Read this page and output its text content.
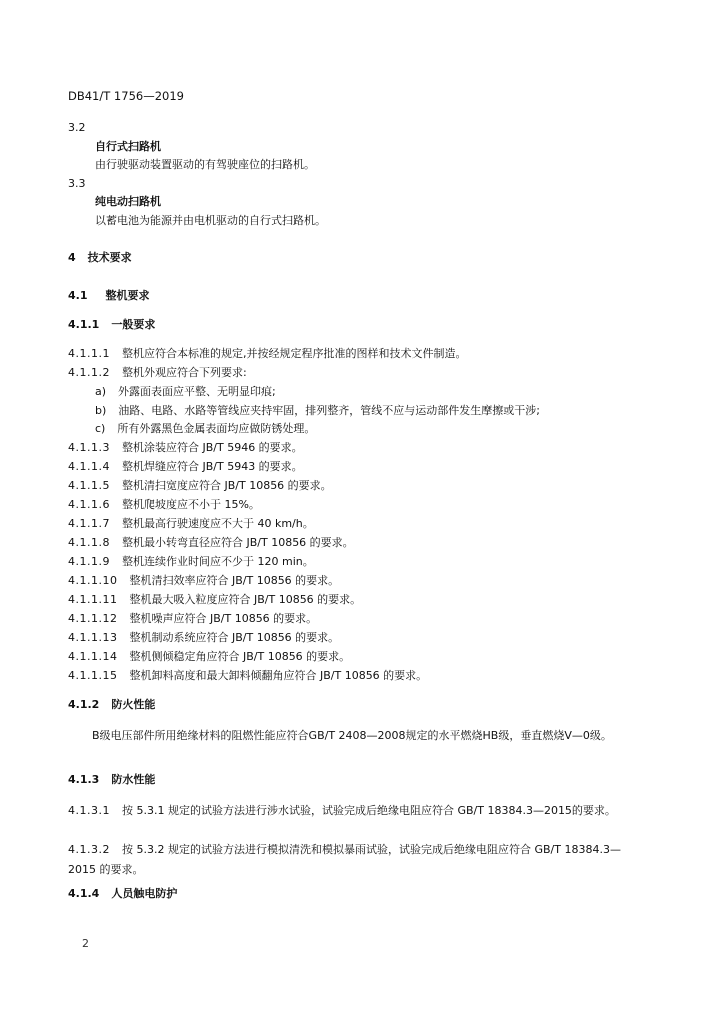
DB41/T 1756—2019
3.2
自行式扫路机
由行驶驱动装置驱动的有驾驶座位的扫路机。
3.3
纯电动扫路机
以蓄电池为能源并由电机驱动的自行式扫路机。
4 技术要求
4.1 整机要求
4.1.1 一般要求
4.1.1.1 整机应符合本标准的规定,并按经规定程序批准的图样和技术文件制造。
4.1.1.2 整机外观应符合下列要求:
a) 外露面表面应平整、无明显印痕;
b) 油路、电路、水路等管线应夹持牢固，排列整齐，管线不应与运动部件发生摩擦或干涉;
c) 所有外露黑色金属表面均应做防锈处理。
4.1.1.3 整机涂装应符合 JB/T 5946 的要求。
4.1.1.4 整机焊缝应符合 JB/T 5943 的要求。
4.1.1.5 整机清扫宽度应符合 JB/T 10856 的要求。
4.1.1.6 整机爬坡度应不小于 15%。
4.1.1.7 整机最高行驶速度应不大于 40 km/h。
4.1.1.8 整机最小转弯直径应符合 JB/T 10856 的要求。
4.1.1.9 整机连续作业时间应不少于 120 min。
4.1.1.10 整机清扫效率应符合 JB/T 10856 的要求。
4.1.1.11 整机最大吸入粒度应符合 JB/T 10856 的要求。
4.1.1.12 整机噪声应符合 JB/T 10856 的要求。
4.1.1.13 整机制动系统应符合 JB/T 10856 的要求。
4.1.1.14 整机侧倾稳定角应符合 JB/T 10856 的要求。
4.1.1.15 整机卸料高度和最大卸料倾翻角应符合 JB/T 10856 的要求。
4.1.2 防火性能
B级电压部件所用绝缘材料的阻燃性能应符合GB/T 2408—2008规定的水平燃烧HB级，垂直燃烧V—0级。
4.1.3 防水性能
4.1.3.1 按 5.3.1 规定的试验方法进行涉水试验，试验完成后绝缘电阻应符合 GB/T 18384.3—2015的要求。
4.1.3.2 按 5.3.2 规定的试验方法进行模拟清洗和模拟暴雨试验，试验完成后绝缘电阻应符合 GB/T 18384.3—2015 的要求。
4.1.4 人员触电防护
2
